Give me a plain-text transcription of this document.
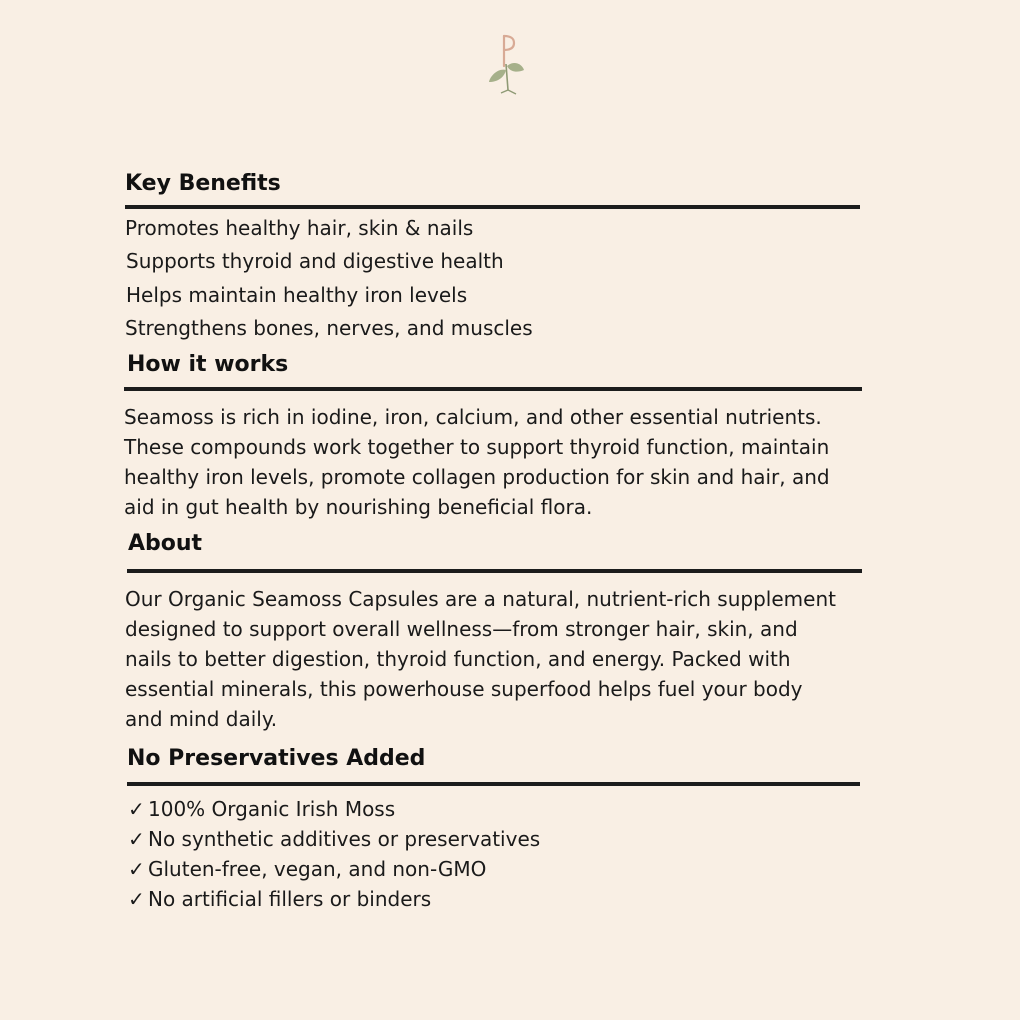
Key Benefits

Promotes healthy hair, skin & nails

Supports thyroid and digestive health

Helps maintain healthy iron levels

Strengthens bones, nerves, and muscles

How it works
Seamoss is rich in iodine, iron, calcium, and other essential nutrients.
These compounds work together to support thyroid function, maintain
healthy iron levels, promote collagen production for skin and hair, and
aid in gut health by nourishing beneficial flora.
About
Our Organic Seamoss Capsules are a natural, nutrient-rich supplement
designed to support overall wellness—from stronger hair, skin, and
nails to better digestion, thyroid function, and energy. Packed with
essential minerals, this powerhouse superfood helps fuel your body
and mind daily.
No Preservatives Added
✓ 100% Organic Irish Moss
✓ No synthetic additives or preservatives
✓ Gluten-free, vegan, and non-GMO
✓ No artificial fillers or binders
